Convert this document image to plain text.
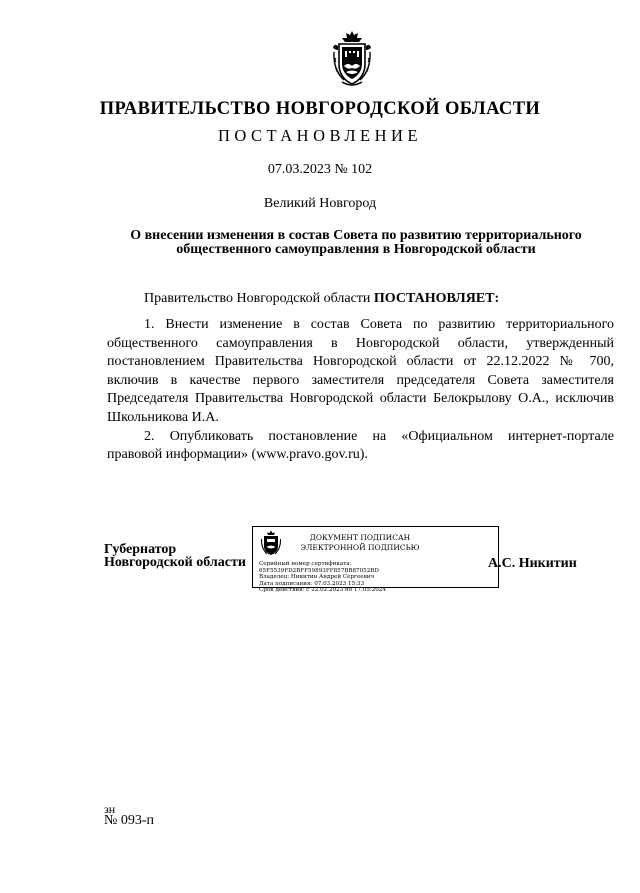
ПРАВИТЕЛЬСТВО НОВГОРОДСКОЙ ОБЛАСТИ
ПОСТАНОВЛЕНИЕ
07.03.2023 № 102
Великий Новгород
О внесении изменения в состав Совета по развитию территориального
общественного самоуправления в Новгородской области

Правительство Новгородской области ПОСТАНОВЛЯЕТ:

1. Внести изменение в состав Совета по развитию территориального общественного самоуправления в Новгородской области, утвержденный постановлением Правительства Новгородской области от 22.12.2022 № 700, включив в качестве первого заместителя председателя Совета заместителя Председателя Правительства Новгородской области Белокрылову О.А., исключив Школьникова И.А.

2. Опубликовать постановление на «Официальном интернет-портале правовой информации» (www.pravo.gov.ru).

Губернатор
Новгородской области
ДОКУМЕНТ ПОДПИСАН
ЭЛЕКТРОННОЙ ПОДПИСЬЮ
Серийный номер сертификата:
65F5539FD2BFF59893FF857BB87052BD
Владелец: Никитин Андрей Сергеевич
Дата подписания: 07.03.2023 15:33
Срок действия: с 22.02.2023 по 17.05.2024
А.С. Никитин
зн
№ 093-п
